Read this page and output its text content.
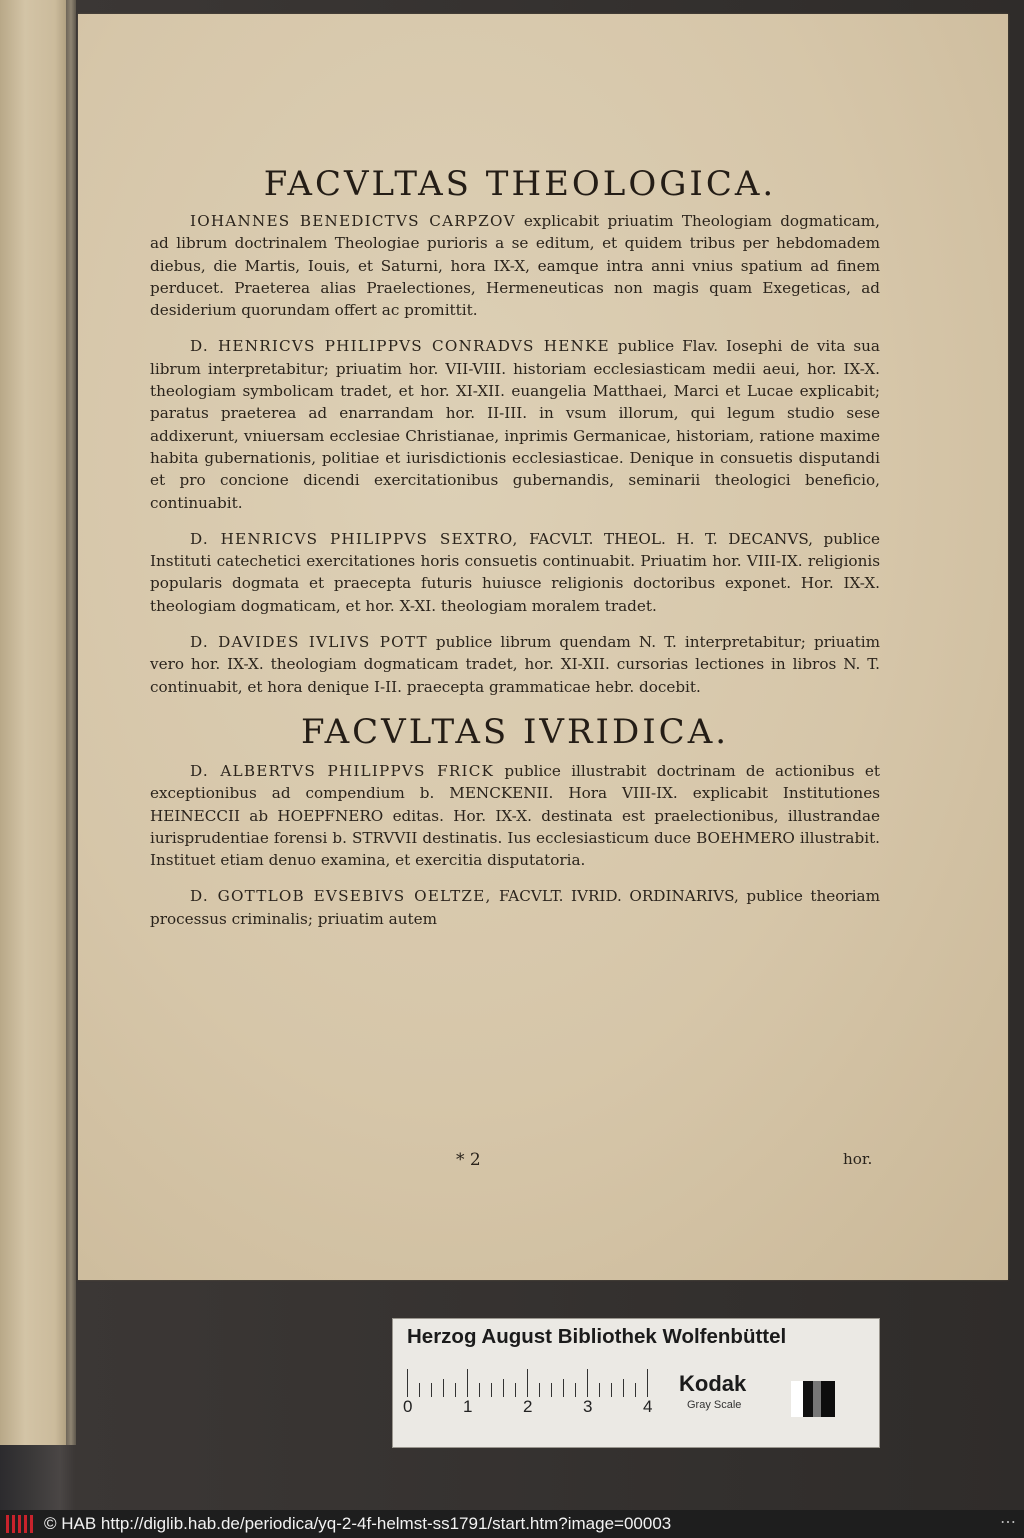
FACVLTAS THEOLOGICA.

IOHANNES BENEDICTVS CARPZOV explicabit priuatim Theologiam dogmaticam, ad librum doctrinalem Theologiae purioris a se editum, et quidem tribus per hebdomadem diebus, die Martis, Iouis, et Saturni, hora IX-X, eamque intra anni vnius spatium ad finem perducet. Praeterea alias Praelectiones, Hermeneuticas non magis quam Exegeticas, ad desiderium quorundam offert ac promittit.

D. HENRICVS PHILIPPVS CONRADVS HENKE publice Flav. Iosephi de vita sua librum interpretabitur; priuatim hor. VII-VIII. historiam ecclesiasticam medii aeui, hor. IX-X. theologiam symbolicam tradet, et hor. XI-XII. euangelia Matthaei, Marci et Lucae explicabit; paratus praeterea ad enarrandam hor. II-III. in vsum illorum, qui legum studio sese addixerunt, vniuersam ecclesiae Christianae, inprimis Germanicae, historiam, ratione maxime habita gubernationis, politiae et iurisdictionis ecclesiasticae. Denique in consuetis disputandi et pro concione dicendi exercitationibus gubernandis, seminarii theologici beneficio, continuabit.

D. HENRICVS PHILIPPVS SEXTRO, FACVLT. THEOL. H. T. DECANVS, publice Instituti catechetici exercitationes horis consuetis continuabit. Priuatim hor. VIII-IX. religionis popularis dogmata et praecepta futuris huiusce religionis doctoribus exponet. Hor. IX-X. theologiam dogmaticam, et hor. X-XI. theologiam moralem tradet.

D. DAVIDES IVLIVS POTT publice librum quendam N. T. interpretabitur; priuatim vero hor. IX-X. theologiam dogmaticam tradet, hor. XI-XII. cursorias lectiones in libros N. T. continuabit, et hora denique I-II. praecepta grammaticae hebr. docebit.

FACVLTAS IVRIDICA.

D. ALBERTVS PHILIPPVS FRICK publice illustrabit doctrinam de actionibus et exceptionibus ad compendium b. MENCKENII. Hora VIII-IX. explicabit Institutiones HEINECCII ab HOEPFNERO editas. Hor. IX-X. destinata est praelectionibus, illustrandae iurisprudentiae forensi b. STRVVII destinatis. Ius ecclesiasticum duce BOEHMERO illustrabit. Instituet etiam denuo examina, et exercitia disputatoria.

D. GOTTLOB EVSEBIVS OELTZE, FACVLT. IVRID. ORDINARIVS, publice theoriam processus criminalis; priuatim autem

* 2	hor.
Herzog August Bibliothek Wolfenbüttel
0	1	2	3	4
Kodak
Gray Scale
© HAB http://diglib.hab.de/periodica/yq-2-4f-helmst-ss1791/start.htm?image=00003	⋯
